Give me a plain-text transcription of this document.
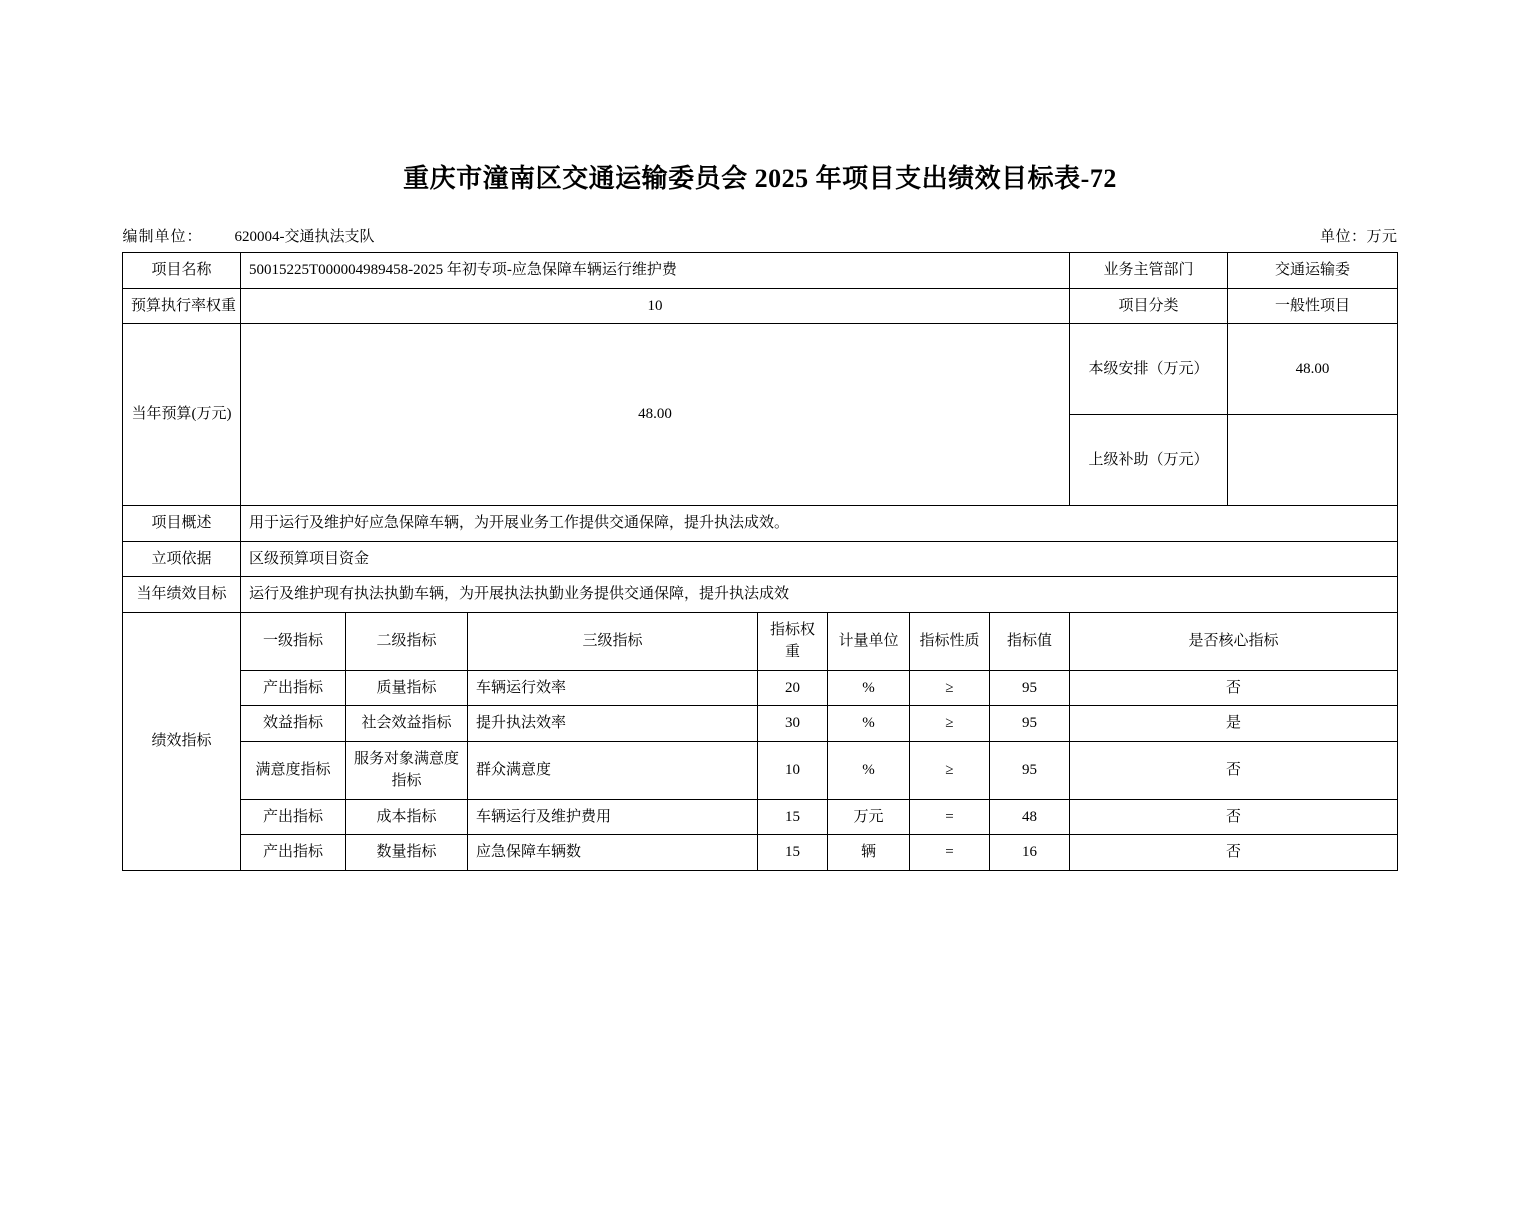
重庆市潼南区交通运输委员会 2025 年项目支出绩效目标表-72
编制单位： 620004-交通执法支队	单位：万元
项目名称	50015225T000004989458-2025 年初专项-应急保障车辆运行维护费							业务主管部门	交通运输委
预算执行率权重	10							项目分类	一般性项目
当年预算(万元)	48.00							本级安排（万元）	48.00
								上级补助（万元）	
项目概述	用于运行及维护好应急保障车辆，为开展业务工作提供交通保障，提升执法成效。								
立项依据	区级预算项目资金								
当年绩效目标	运行及维护现有执法执勤车辆，为开展执法执勤业务提供交通保障，提升执法成效								
绩效指标	一级指标	二级指标	三级指标	指标权重	计量单位	指标性质	指标值	是否核心指标	
	产出指标	质量指标	车辆运行效率	20	%	≥	95	否	
	效益指标	社会效益指标	提升执法效率	30	%	≥	95	是	
	满意度指标	服务对象满意度指标	群众满意度	10	%	≥	95	否	
	产出指标	成本指标	车辆运行及维护费用	15	万元	=	48	否	
	产出指标	数量指标	应急保障车辆数	15	辆	=	16	否	
